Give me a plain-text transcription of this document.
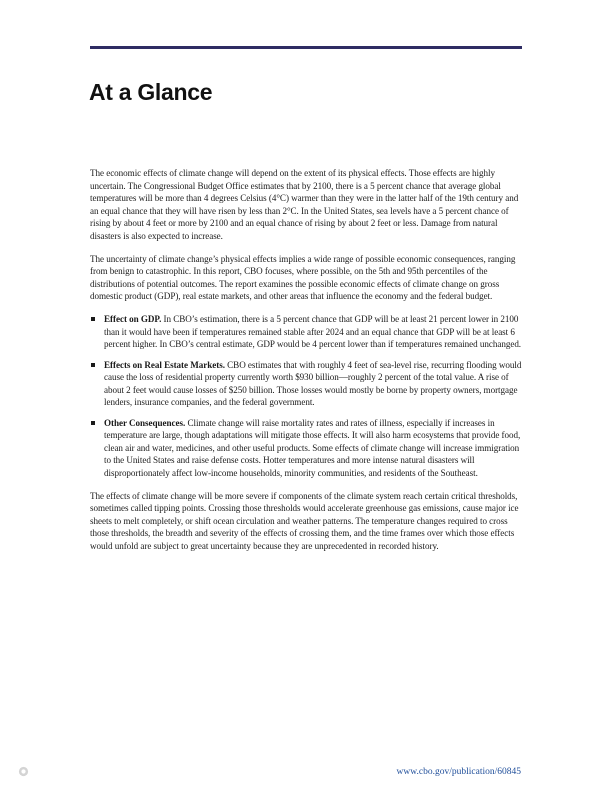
At a Glance

The economic effects of climate change will depend on the extent of its physical effects. Those effects are highly uncertain. The Congressional Budget Office estimates that by 2100, there is a 5 percent chance that average global temperatures will be more than 4 degrees Celsius (4°C) warmer than they were in the latter half of the 19th century and an equal chance that they will have risen by less than 2°C. In the United States, sea levels have a 5 percent chance of rising by about 4 feet or more by 2100 and an equal chance of rising by about 2 feet or less. Damage from natural disasters is also expected to increase.

The uncertainty of climate change’s physical effects implies a wide range of possible economic consequences, ranging from benign to catastrophic. In this report, CBO focuses, where possible, on the 5th and 95th percentiles of the distributions of potential outcomes. The report examines the possible economic effects of climate change on gross domestic product (GDP), real estate markets, and other areas that influence the economy and the federal budget.

Effect on GDP. In CBO’s estimation, there is a 5 percent chance that GDP will be at least 21 percent lower in 2100 than it would have been if temperatures remained stable after 2024 and an equal chance that GDP will be at least 6 percent higher. In CBO’s central estimate, GDP would be 4 percent lower than if temperatures remained unchanged.
Effects on Real Estate Markets. CBO estimates that with roughly 4 feet of sea-level rise, recurring flooding would cause the loss of residential property currently worth $930 billion—roughly 2 percent of the total value. A rise of about 2 feet would cause losses of $250 billion. Those losses would mostly be borne by property owners, mortgage lenders, insurance companies, and the federal government.
Other Consequences. Climate change will raise mortality rates and rates of illness, especially if increases in temperature are large, though adaptations will mitigate those effects. It will also harm ecosystems that provide food, clean air and water, medicines, and other useful products. Some effects of climate change will increase immigration to the United States and raise defense costs. Hotter temperatures and more intense natural disasters will disproportionately affect low-income households, minority communities, and residents of the Southeast.

The effects of climate change will be more severe if components of the climate system reach certain critical thresholds, sometimes called tipping points. Crossing those thresholds would accelerate greenhouse gas emissions, cause major ice sheets to melt completely, or shift ocean circulation and weather patterns. The temperature changes required to cross those thresholds, the breadth and severity of the effects of crossing them, and the time frames over which those effects would unfold are subject to great uncertainty because they are unprecedented in recorded history.

www.cbo.gov/publication/60845
